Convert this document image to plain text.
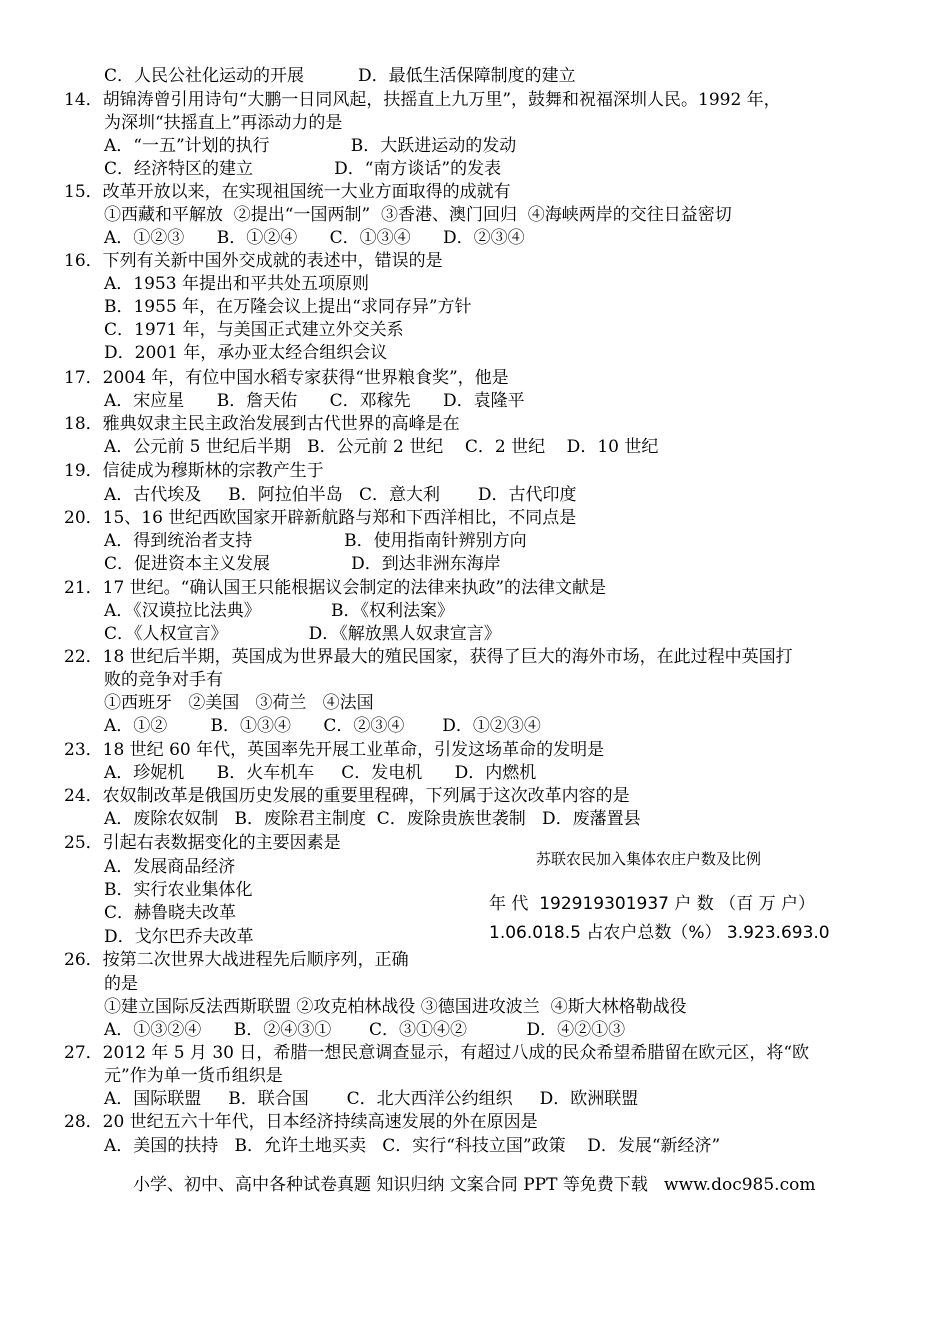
C．人民公社化运动的开展          D．最低生活保障制度的建立
14．胡锦涛曾引用诗句“大鹏一日同风起，扶摇直上九万里”，鼓舞和祝福深圳人民。1992 年，
为深圳“扶摇直上”再添动力的是
A．“一五”计划的执行               B．大跃进运动的发动
C．经济特区的建立               D．“南方谈话”的发表
15．改革开放以来，在实现祖国统一大业方面取得的成就有
①西藏和平解放  ②提出“一国两制”  ③香港、澳门回归  ④海峡两岸的交往日益密切
A．①②③      B．①②④      C．①③④      D．②③④
16．下列有关新中国外交成就的表述中，错误的是
A．1953 年提出和平共处五项原则
B．1955 年，在万隆会议上提出“求同存异”方针
C．1971 年，与美国正式建立外交关系
D．2001 年，承办亚太经合组织会议
17．2004 年，有位中国水稻专家获得“世界粮食奖”，他是
A．宋应星      B．詹天佑      C．邓稼先      D．袁隆平
18．雅典奴隶主民主政治发展到古代世界的高峰是在
A．公元前 5 世纪后半期   B．公元前 2 世纪    C．2 世纪    D．10 世纪
19．信徒成为穆斯林的宗教产生于
A．古代埃及     B．阿拉伯半岛   C．意大利       D．古代印度
20．15、16 世纪西欧国家开辟新航路与郑和下西洋相比，不同点是
A．得到统治者支持                 B．使用指南针辨别方向
C．促进资本主义发展               D．到达非洲东海岸
21．17 世纪。“确认国王只能根据议会制定的法律来执政”的法律文献是
A．《汉谟拉比法典》             B．《权利法案》
C．《人权宣言》               D．《解放黑人奴隶宣言》
22．18 世纪后半期，英国成为世界最大的殖民国家，获得了巨大的海外市场，在此过程中英国打
败的竞争对手有
①西班牙   ②美国   ③荷兰   ④法国
A．①②        B．①③④      C．②③④       D．①②③④
23．18 世纪 60 年代，英国率先开展工业革命，引发这场革命的发明是
A．珍妮机      B．火车机车     C．发电机      D．内燃机
24．农奴制改革是俄国历史发展的重要里程碑，下列属于这次改革内容的是
A．废除农奴制   B．废除君主制度  C．废除贵族世袭制   D．废藩置县
25．引起右表数据变化的主要因素是
A．发展商品经济
B．实行农业集体化
C．赫鲁晓夫改革
D．戈尔巴乔夫改革
26．按第二次世界大战进程先后顺序列，正确
的是
①建立国际反法西斯联盟 ②攻克柏林战役 ③德国进攻波兰  ④斯大林格勒战役
A．①③②④      B．②④③①       C．③①④②           D．④②①③
27．2012 年 5 月 30 日，希腊一想民意调查显示，有超过八成的民众希望希腊留在欧元区，将“欧
元”作为单一货币组织是
A．国际联盟     B．联合国       C．北大西洋公约组织     D．欧洲联盟
28．20 世纪五六十年代，日本经济持续高速发展的外在原因是
A．美国的扶持   B．允许土地买卖   C．实行“科技立国”政策    D．发展“新经济”
苏联农民加入集体农庄户数及比例
年 代  192919301937 户 数 （百 万 户）
1.06.018.5 占农户总数（%） 3.923.693.0
小学、初中、高中各种试卷真题 知识归纳 文案合同 PPT 等免费下载   www.doc985.com
